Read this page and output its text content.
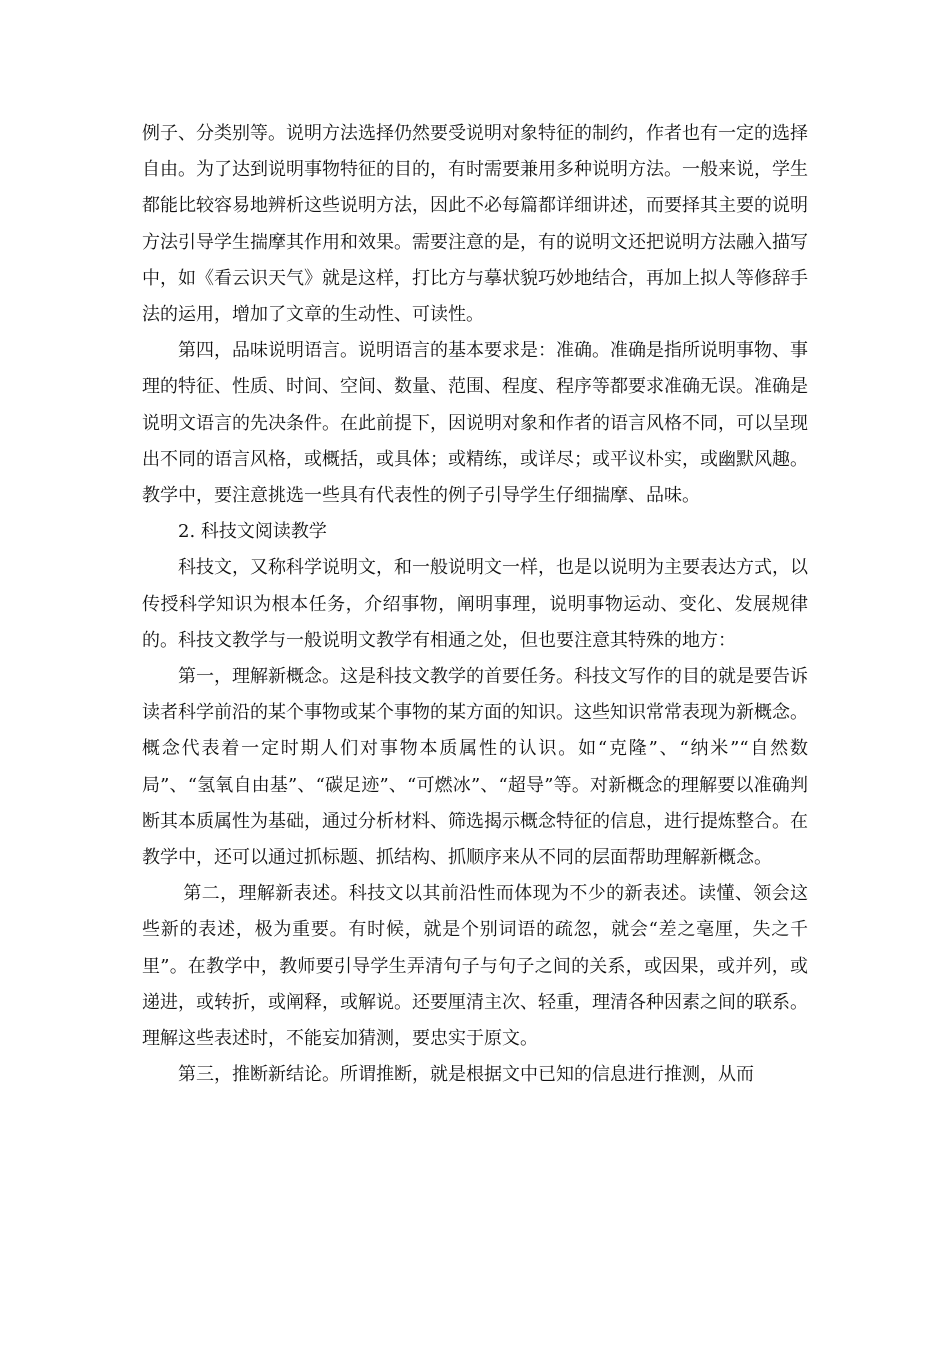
例子、分类别等。说明方法选择仍然要受说明对象特征的制约，作者也有一定的选择自由。为了达到说明事物特征的目的，有时需要兼用多种说明方法。一般来说，学生都能比较容易地辨析这些说明方法，因此不必每篇都详细讲述，而要择其主要的说明方法引导学生揣摩其作用和效果。需要注意的是，有的说明文还把说明方法融入描写中，如《看云识天气》就是这样，打比方与摹状貌巧妙地结合，再加上拟人等修辞手法的运用，增加了文章的生动性、可读性。

第四，品味说明语言。说明语言的基本要求是：准确。准确是指所说明事物、事理的特征、性质、时间、空间、数量、范围、程度、程序等都要求准确无误。准确是说明文语言的先决条件。在此前提下，因说明对象和作者的语言风格不同，可以呈现出不同的语言风格，或概括，或具体；或精练，或详尽；或平议朴实，或幽默风趣。教学中，要注意挑选一些具有代表性的例子引导学生仔细揣摩、品味。

2. 科技文阅读教学

科技文，又称科学说明文，和一般说明文一样，也是以说明为主要表达方式，以传授科学知识为根本任务，介绍事物，阐明事理，说明事物运动、变化、发展规律的。科技文教学与一般说明文教学有相通之处，但也要注意其特殊的地方：

第一，理解新概念。这是科技文教学的首要任务。科技文写作的目的就是要告诉读者科学前沿的某个事物或某个事物的某方面的知识。这些知识常常表现为新概念。概念代表着一定时期人们对事物本质属性的认识。如“克隆”、“纳米”“自然数局”、“氢氧自由基”、“碳足迹”、“可燃冰”、“超导”等。对新概念的理解要以准确判断其本质属性为基础，通过分析材料、筛选揭示概念特征的信息，进行提炼整合。在教学中，还可以通过抓标题、抓结构、抓顺序来从不同的层面帮助理解新概念。

第二，理解新表述。科技文以其前沿性而体现为不少的新表述。读懂、领会这些新的表述，极为重要。有时候，就是个别词语的疏忽，就会“差之毫厘，失之千里”。在教学中，教师要引导学生弄清句子与句子之间的关系，或因果，或并列，或递进，或转折，或阐释，或解说。还要厘清主次、轻重，理清各种因素之间的联系。理解这些表述时，不能妄加猜测，要忠实于原文。

第三，推断新结论。所谓推断，就是根据文中已知的信息进行推测，从而
